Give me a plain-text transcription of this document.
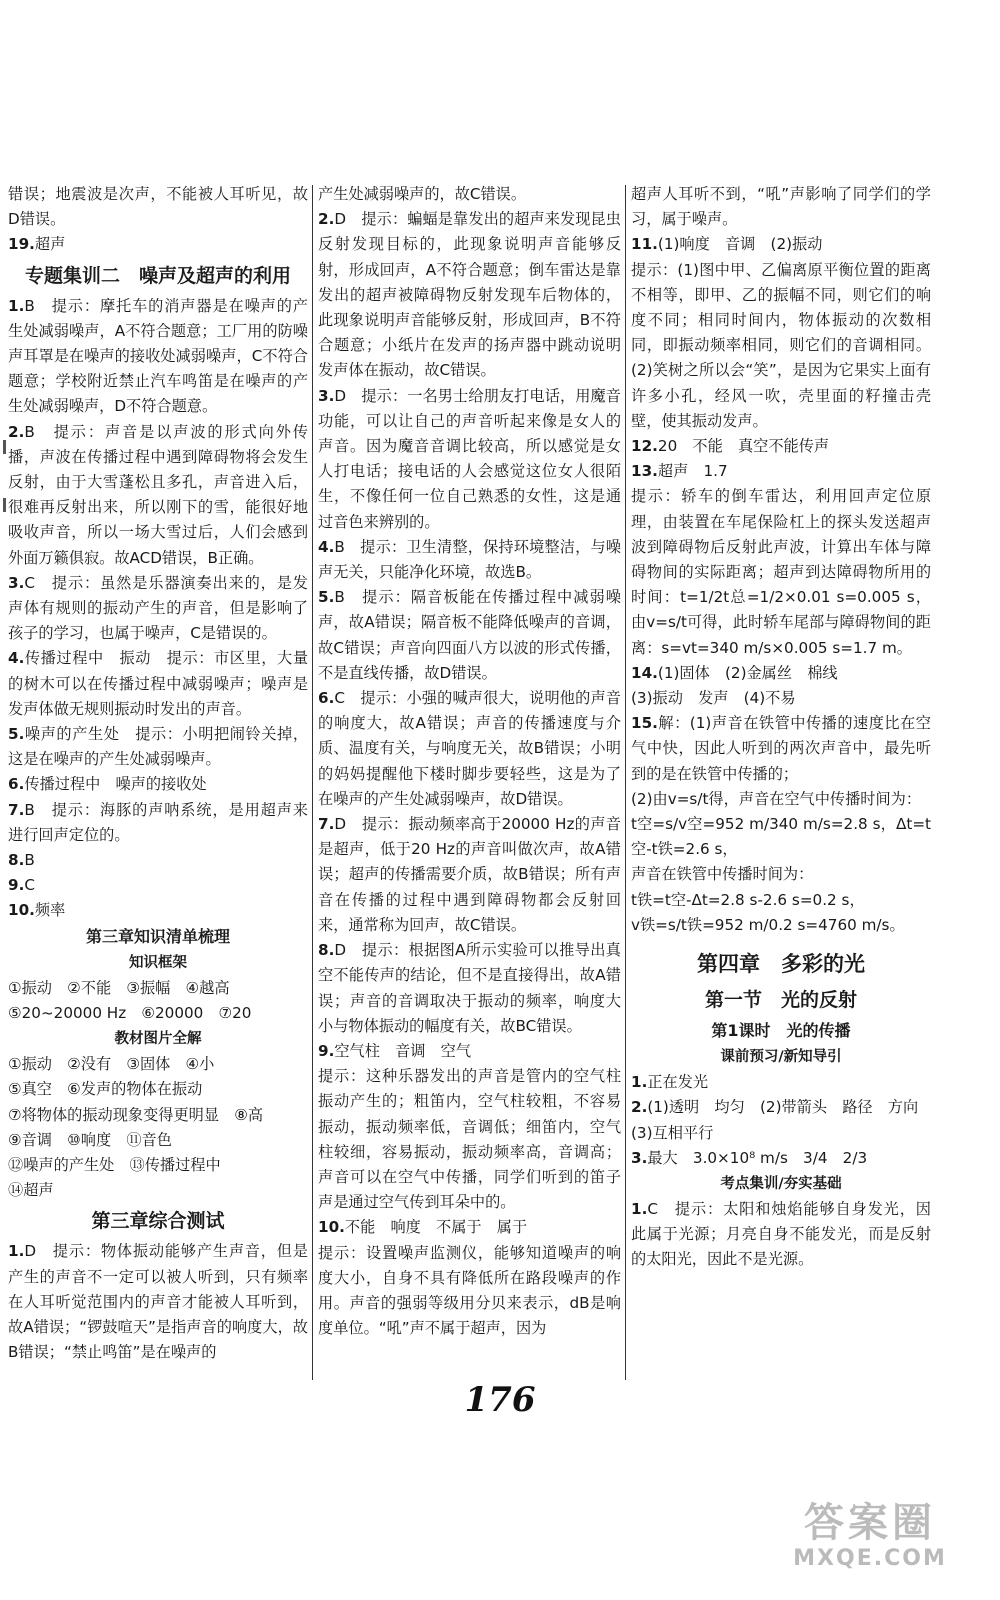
错误；地震波是次声，不能被人耳听见，故D错误。

19.超声

专题集训二　噪声及超声的利用

1.B　提示：摩托车的消声器是在噪声的产生处减弱噪声，A不符合题意；工厂用的防噪声耳罩是在噪声的接收处减弱噪声，C不符合题意；学校附近禁止汽车鸣笛是在噪声的产生处减弱噪声，D不符合题意。

2.B　提示：声音是以声波的形式向外传播，声波在传播过程中遇到障碍物将会发生反射，由于大雪蓬松且多孔，声音进入后，很难再反射出来，所以刚下的雪，能很好地吸收声音，所以一场大雪过后，人们会感到外面万籁俱寂。故ACD错误，B正确。

3.C　提示：虽然是乐器演奏出来的，是发声体有规则的振动产生的声音，但是影响了孩子的学习，也属于噪声，C是错误的。

4.传播过程中　振动　提示：市区里，大量的树木可以在传播过程中减弱噪声；噪声是发声体做无规则振动时发出的声音。

5.噪声的产生处　提示：小明把闹铃关掉，这是在噪声的产生处减弱噪声。

6.传播过程中　噪声的接收处

7.B　提示：海豚的声呐系统，是用超声来进行回声定位的。

8.B

9.C

10.频率

第三章知识清单梳理
知识框架

①振动　②不能　③振幅　④越高

⑤20~20000 Hz　⑥20000　⑦20

教材图片全解

①振动　②没有　③固体　④小

⑤真空　⑥发声的物体在振动

⑦将物体的振动现象变得更明显　⑧高

⑨音调　⑩响度　⑪音色

⑫噪声的产生处　⑬传播过程中

⑭超声

第三章综合测试

1.D　提示：物体振动能够产生声音，但是产生的声音不一定可以被人听到，只有频率在人耳听觉范围内的声音才能被人耳听到，故A错误；“锣鼓喧天”是指声音的响度大，故B错误；“禁止鸣笛”是在噪声的

产生处减弱噪声的，故C错误。

2.D　提示：蝙蝠是靠发出的超声来发现昆虫反射发现目标的，此现象说明声音能够反射，形成回声，A不符合题意；倒车雷达是靠发出的超声被障碍物反射发现车后物体的，此现象说明声音能够反射，形成回声，B不符合题意；小纸片在发声的扬声器中跳动说明发声体在振动，故C错误。

3.D　提示：一名男士给朋友打电话，用魔音功能，可以让自己的声音听起来像是女人的声音。因为魔音音调比较高，所以感觉是女人打电话；接电话的人会感觉这位女人很陌生，不像任何一位自己熟悉的女性，这是通过音色来辨别的。

4.B　提示：卫生清整，保持环境整洁，与噪声无关，只能净化环境，故选B。

5.B　提示：隔音板能在传播过程中减弱噪声，故A错误；隔音板不能降低噪声的音调，故C错误；声音向四面八方以波的形式传播，不是直线传播，故D错误。

6.C　提示：小强的喊声很大，说明他的声音的响度大，故A错误；声音的传播速度与介质、温度有关，与响度无关，故B错误；小明的妈妈提醒他下楼时脚步要轻些，这是为了在噪声的产生处减弱噪声，故D错误。

7.D　提示：振动频率高于20000 Hz的声音是超声，低于20 Hz的声音叫做次声，故A错误；超声的传播需要介质，故B错误；所有声音在传播的过程中遇到障碍物都会反射回来，通常称为回声，故C错误。

8.D　提示：根据图A所示实验可以推导出真空不能传声的结论，但不是直接得出，故A错误；声音的音调取决于振动的频率，响度大小与物体振动的幅度有关，故BC错误。

9.空气柱　音调　空气

提示：这种乐器发出的声音是管内的空气柱振动产生的；粗笛内，空气柱较粗，不容易振动，振动频率低，音调低；细笛内，空气柱较细，容易振动，振动频率高，音调高；声音可以在空气中传播，同学们听到的笛子声是通过空气传到耳朵中的。

10.不能　响度　不属于　属于

提示：设置噪声监测仪，能够知道噪声的响度大小，自身不具有降低所在路段噪声的作用。声音的强弱等级用分贝来表示，dB是响度单位。“吼”声不属于超声，因为

超声人耳听不到，“吼”声影响了同学们的学习，属于噪声。

11.(1)响度　音调　(2)振动

提示：(1)图中甲、乙偏离原平衡位置的距离不相等，即甲、乙的振幅不同，则它们的响度不同；相同时间内，物体振动的次数相同，即振动频率相同，则它们的音调相同。(2)笑树之所以会“笑”，是因为它果实上面有许多小孔，经风一吹，壳里面的籽撞击壳壁，使其振动发声。

12.20　不能　真空不能传声

13.超声　1.7

提示：轿车的倒车雷达，利用回声定位原理，由装置在车尾保险杠上的探头发送超声波到障碍物后反射此声波，计算出车体与障碍物间的实际距离；超声到达障碍物所用的时间：t=1/2t总=1/2×0.01 s=0.005 s，由v=s/t可得，此时轿车尾部与障碍物间的距离：s=vt=340 m/s×0.005 s=1.7 m。

14.(1)固体　(2)金属丝　棉线

(3)振动　发声　(4)不易

15.解：(1)声音在铁管中传播的速度比在空气中快，因此人听到的两次声音中，最先听到的是在铁管中传播的；

(2)由v=s/t得，声音在空气中传播时间为：

t空=s/v空=952 m/340 m/s=2.8 s，Δt=t空-t铁=2.6 s，

声音在铁管中传播时间为：

t铁=t空-Δt=2.8 s-2.6 s=0.2 s，

v铁=s/t铁=952 m/0.2 s=4760 m/s。

第四章　多彩的光
第一节　光的反射
第1课时　光的传播
课前预习/新知导引

1.正在发光

2.(1)透明　均匀　(2)带箭头　路径　方向

(3)互相平行

3.最大　3.0×10⁸ m/s　3/4　2/3

考点集训/夯实基础

1.C　提示：太阳和烛焰能够自身发光，因此属于光源；月亮自身不能发光，而是反射的太阳光，因此不是光源。

176
答案圈
MXQE.COM
